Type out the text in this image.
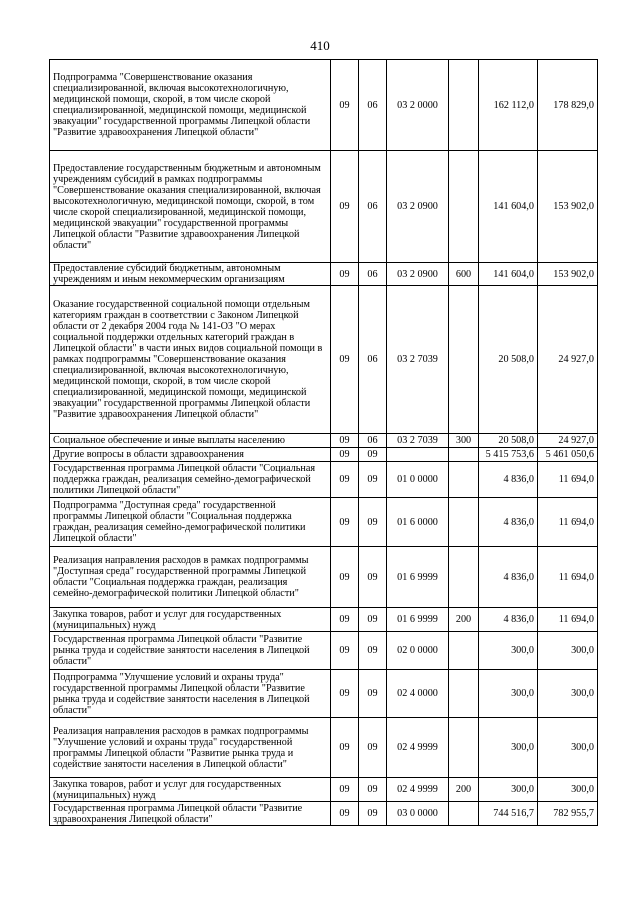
410
Подпрограмма "Совершенствование оказания специализированной, включая высокотехнологичную, медицинской помощи, скорой, в том числе скорой специализированной, медицинской помощи, медицинской эвакуации" государственной программы Липецкой области "Развитие здравоохранения Липецкой области"	09	06	03 2 0000		162 112,0	178 829,0
Предоставление государственным бюджетным и автономным учреждениям субсидий в рамках подпрограммы "Совершенствование оказания специализированной, включая высокотехнологичную, медицинской помощи, скорой, в том числе скорой специализированной, медицинской помощи, медицинской эвакуации" государственной программы Липецкой области "Развитие здравоохранения Липецкой области"	09	06	03 2 0900		141 604,0	153 902,0
Предоставление субсидий бюджетным, автономным учреждениям и иным некоммерческим организациям	09	06	03 2 0900	600	141 604,0	153 902,0
Оказание государственной социальной помощи отдельным категориям граждан в соответствии с Законом Липецкой области от 2 декабря 2004 года № 141-ОЗ "О мерах социальной поддержки отдельных категорий граждан в Липецкой области" в части иных видов социальной помощи в рамках подпрограммы "Совершенствование оказания специализированной, включая высокотехнологичную, медицинской помощи, скорой, в том числе скорой специализированной, медицинской помощи, медицинской эвакуации" государственной программы Липецкой области "Развитие здравоохранения Липецкой области"	09	06	03 2 7039		20 508,0	24 927,0
Социальное обеспечение и иные выплаты населению	09	06	03 2 7039	300	20 508,0	24 927,0
Другие вопросы в области здравоохранения	09	09			5 415 753,6	5 461 050,6
Государственная программа Липецкой области "Социальная поддержка граждан, реализация семейно-демографической политики Липецкой области"	09	09	01 0 0000		4 836,0	11 694,0
Подпрограмма "Доступная среда" государственной программы Липецкой области "Социальная поддержка граждан, реализация семейно-демографической политики Липецкой области"	09	09	01 6 0000		4 836,0	11 694,0
Реализация направления расходов в рамках подпрограммы "Доступная среда" государственной программы Липецкой области "Социальная поддержка граждан, реализация семейно-демографической политики Липецкой области"	09	09	01 6 9999		4 836,0	11 694,0
Закупка товаров, работ и услуг для государственных (муниципальных) нужд	09	09	01 6 9999	200	4 836,0	11 694,0
Государственная программа Липецкой области "Развитие рынка труда и содействие занятости населения в Липецкой области"	09	09	02 0 0000		300,0	300,0
Подпрограмма "Улучшение условий и охраны труда" государственной программы Липецкой области "Развитие рынка труда и содействие занятости населения в Липецкой области"	09	09	02 4 0000		300,0	300,0
Реализация направления расходов в рамках подпрограммы "Улучшение условий и охраны труда" государственной программы Липецкой области "Развитие рынка труда и содействие занятости населения в Липецкой области"	09	09	02 4 9999		300,0	300,0
Закупка товаров, работ и услуг для государственных (муниципальных) нужд	09	09	02 4 9999	200	300,0	300,0
Государственная программа Липецкой области "Развитие здравоохранения Липецкой области"	09	09	03 0 0000		744 516,7	782 955,7
